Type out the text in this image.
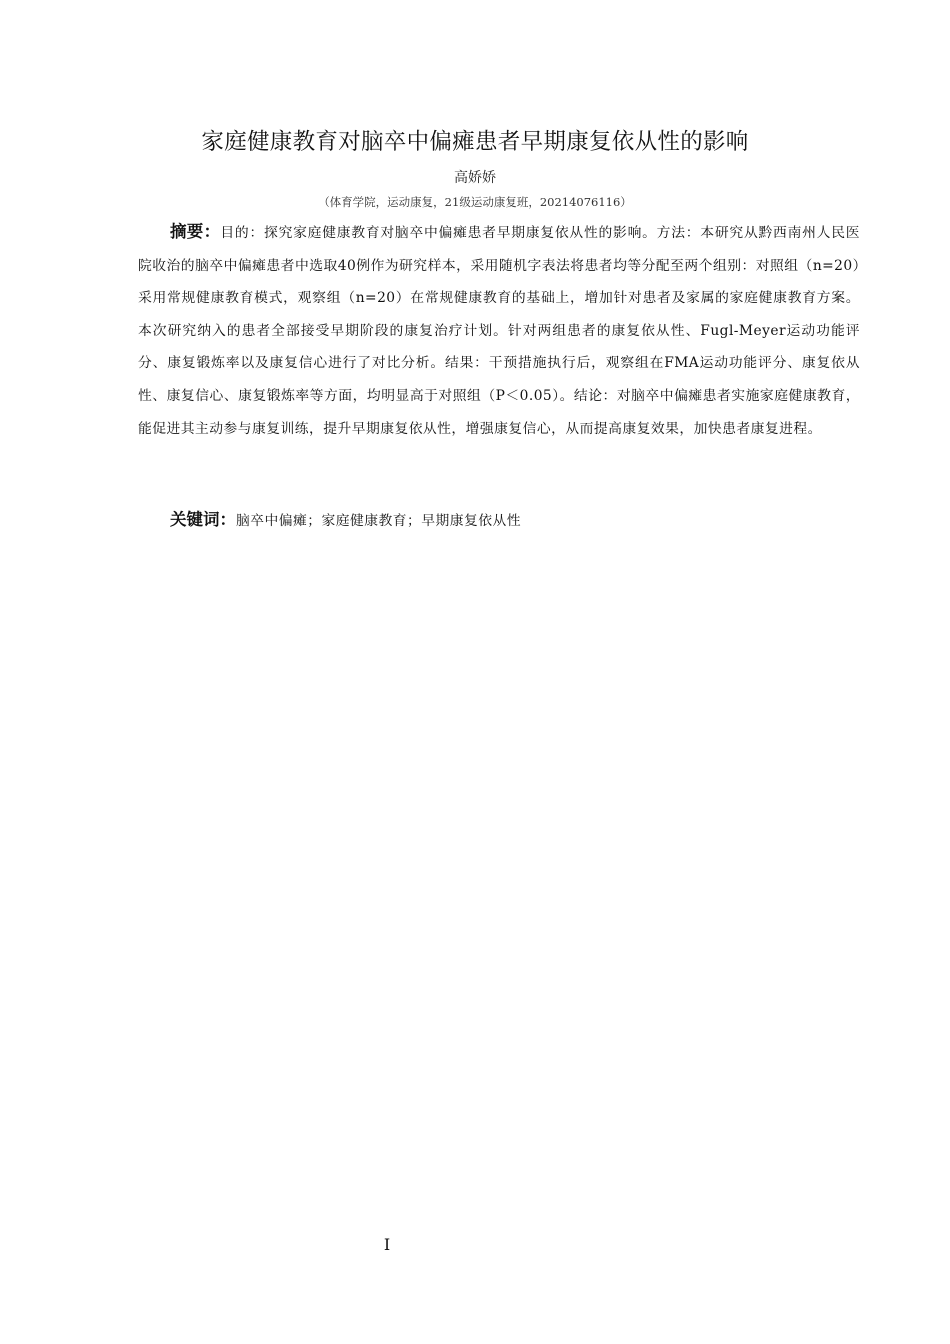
家庭健康教育对脑卒中偏瘫患者早期康复依从性的影响
高娇娇
（体育学院，运动康复，21级运动康复班，20214076116）

摘要：目的：探究家庭健康教育对脑卒中偏瘫患者早期康复依从性的影响。方法：本研究从黔西南州人民医院收治的脑卒中偏瘫患者中选取40例作为研究样本，采用随机字表法将患者均等分配至两个组别：对照组（n=20）采用常规健康教育模式，观察组（n=20）在常规健康教育的基础上，增加针对患者及家属的家庭健康教育方案。本次研究纳入的患者全部接受早期阶段的康复治疗计划。针对两组患者的康复依从性、Fugl-Meyer运动功能评分、康复锻炼率以及康复信心进行了对比分析。结果：干预措施执行后，观察组在FMA运动功能评分、康复依从性、康复信心、康复锻炼率等方面，均明显高于对照组（P＜0.05）。结论：对脑卒中偏瘫患者实施家庭健康教育，能促进其主动参与康复训练，提升早期康复依从性，增强康复信心，从而提高康复效果，加快患者康复进程。

关键词：脑卒中偏瘫；家庭健康教育；早期康复依从性

I
